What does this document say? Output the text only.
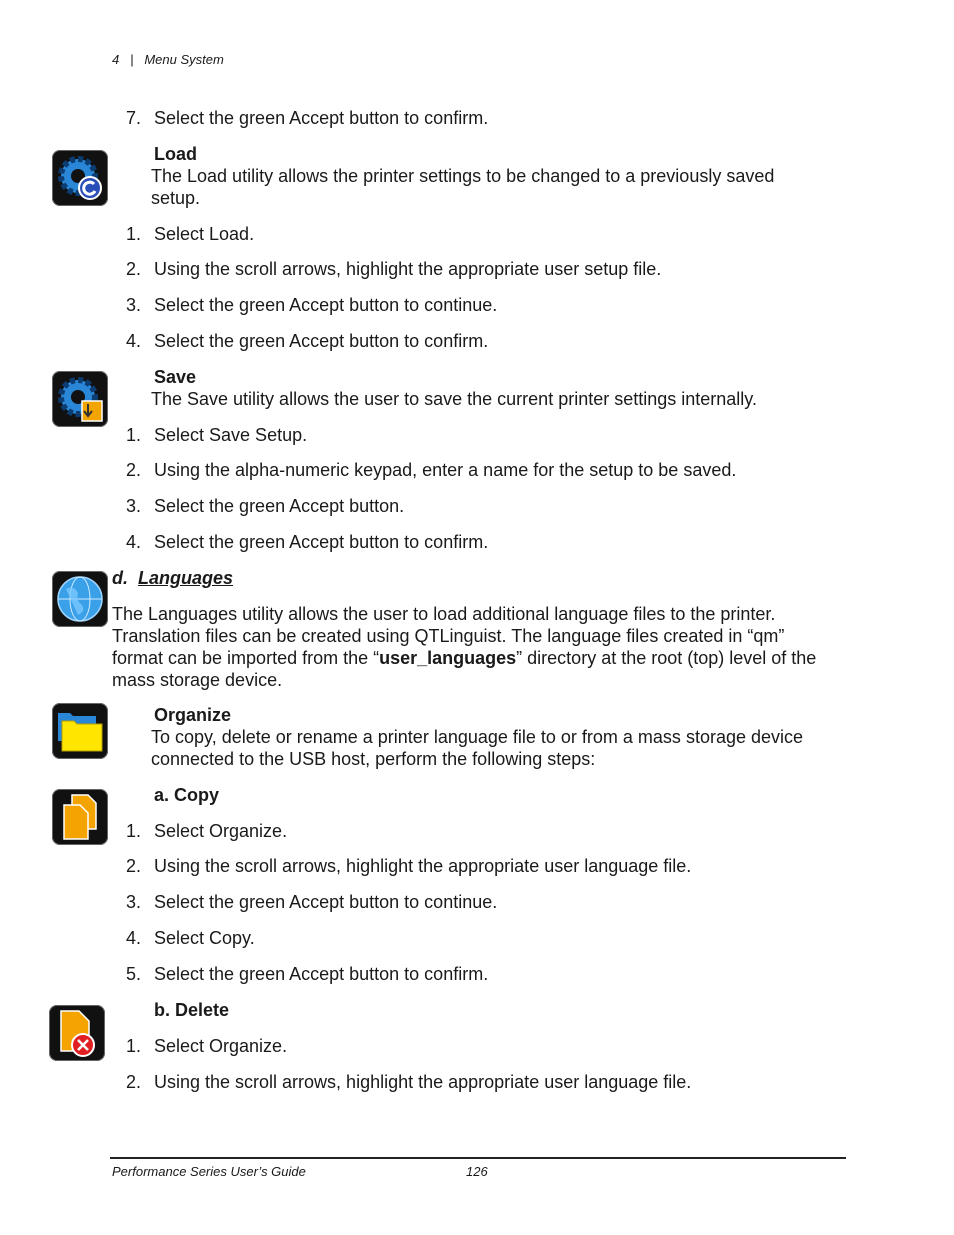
4 | Menu System
7. Select the green Accept button to confirm.
Load
The Load utility allows the printer settings to be changed to a previously saved
setup.
1. Select Load.
2. Using the scroll arrows, highlight the appropriate user setup file.
3. Select the green Accept button to continue.
4. Select the green Accept button to confirm.
Save
The Save utility allows the user to save the current printer settings internally.
1. Select Save Setup.
2. Using the alpha-numeric keypad, enter a name for the setup to be saved.
3. Select the green Accept button.
4. Select the green Accept button to confirm.
d. Languages
The Languages utility allows the user to load additional language files to the printer.
Translation files can be created using QTLinguist. The language files created in “qm”
format can be imported from the “user_languages” directory at the root (top) level of the
mass storage device.
Organize
To copy, delete or rename a printer language file to or from a mass storage device
connected to the USB host, perform the following steps:
a. Copy
1. Select Organize.
2. Using the scroll arrows, highlight the appropriate user language file.
3. Select the green Accept button to continue.
4. Select Copy.
5. Select the green Accept button to confirm.
b. Delete
1. Select Organize.
2. Using the scroll arrows, highlight the appropriate user language file.
Performance Series User’s Guide	126
